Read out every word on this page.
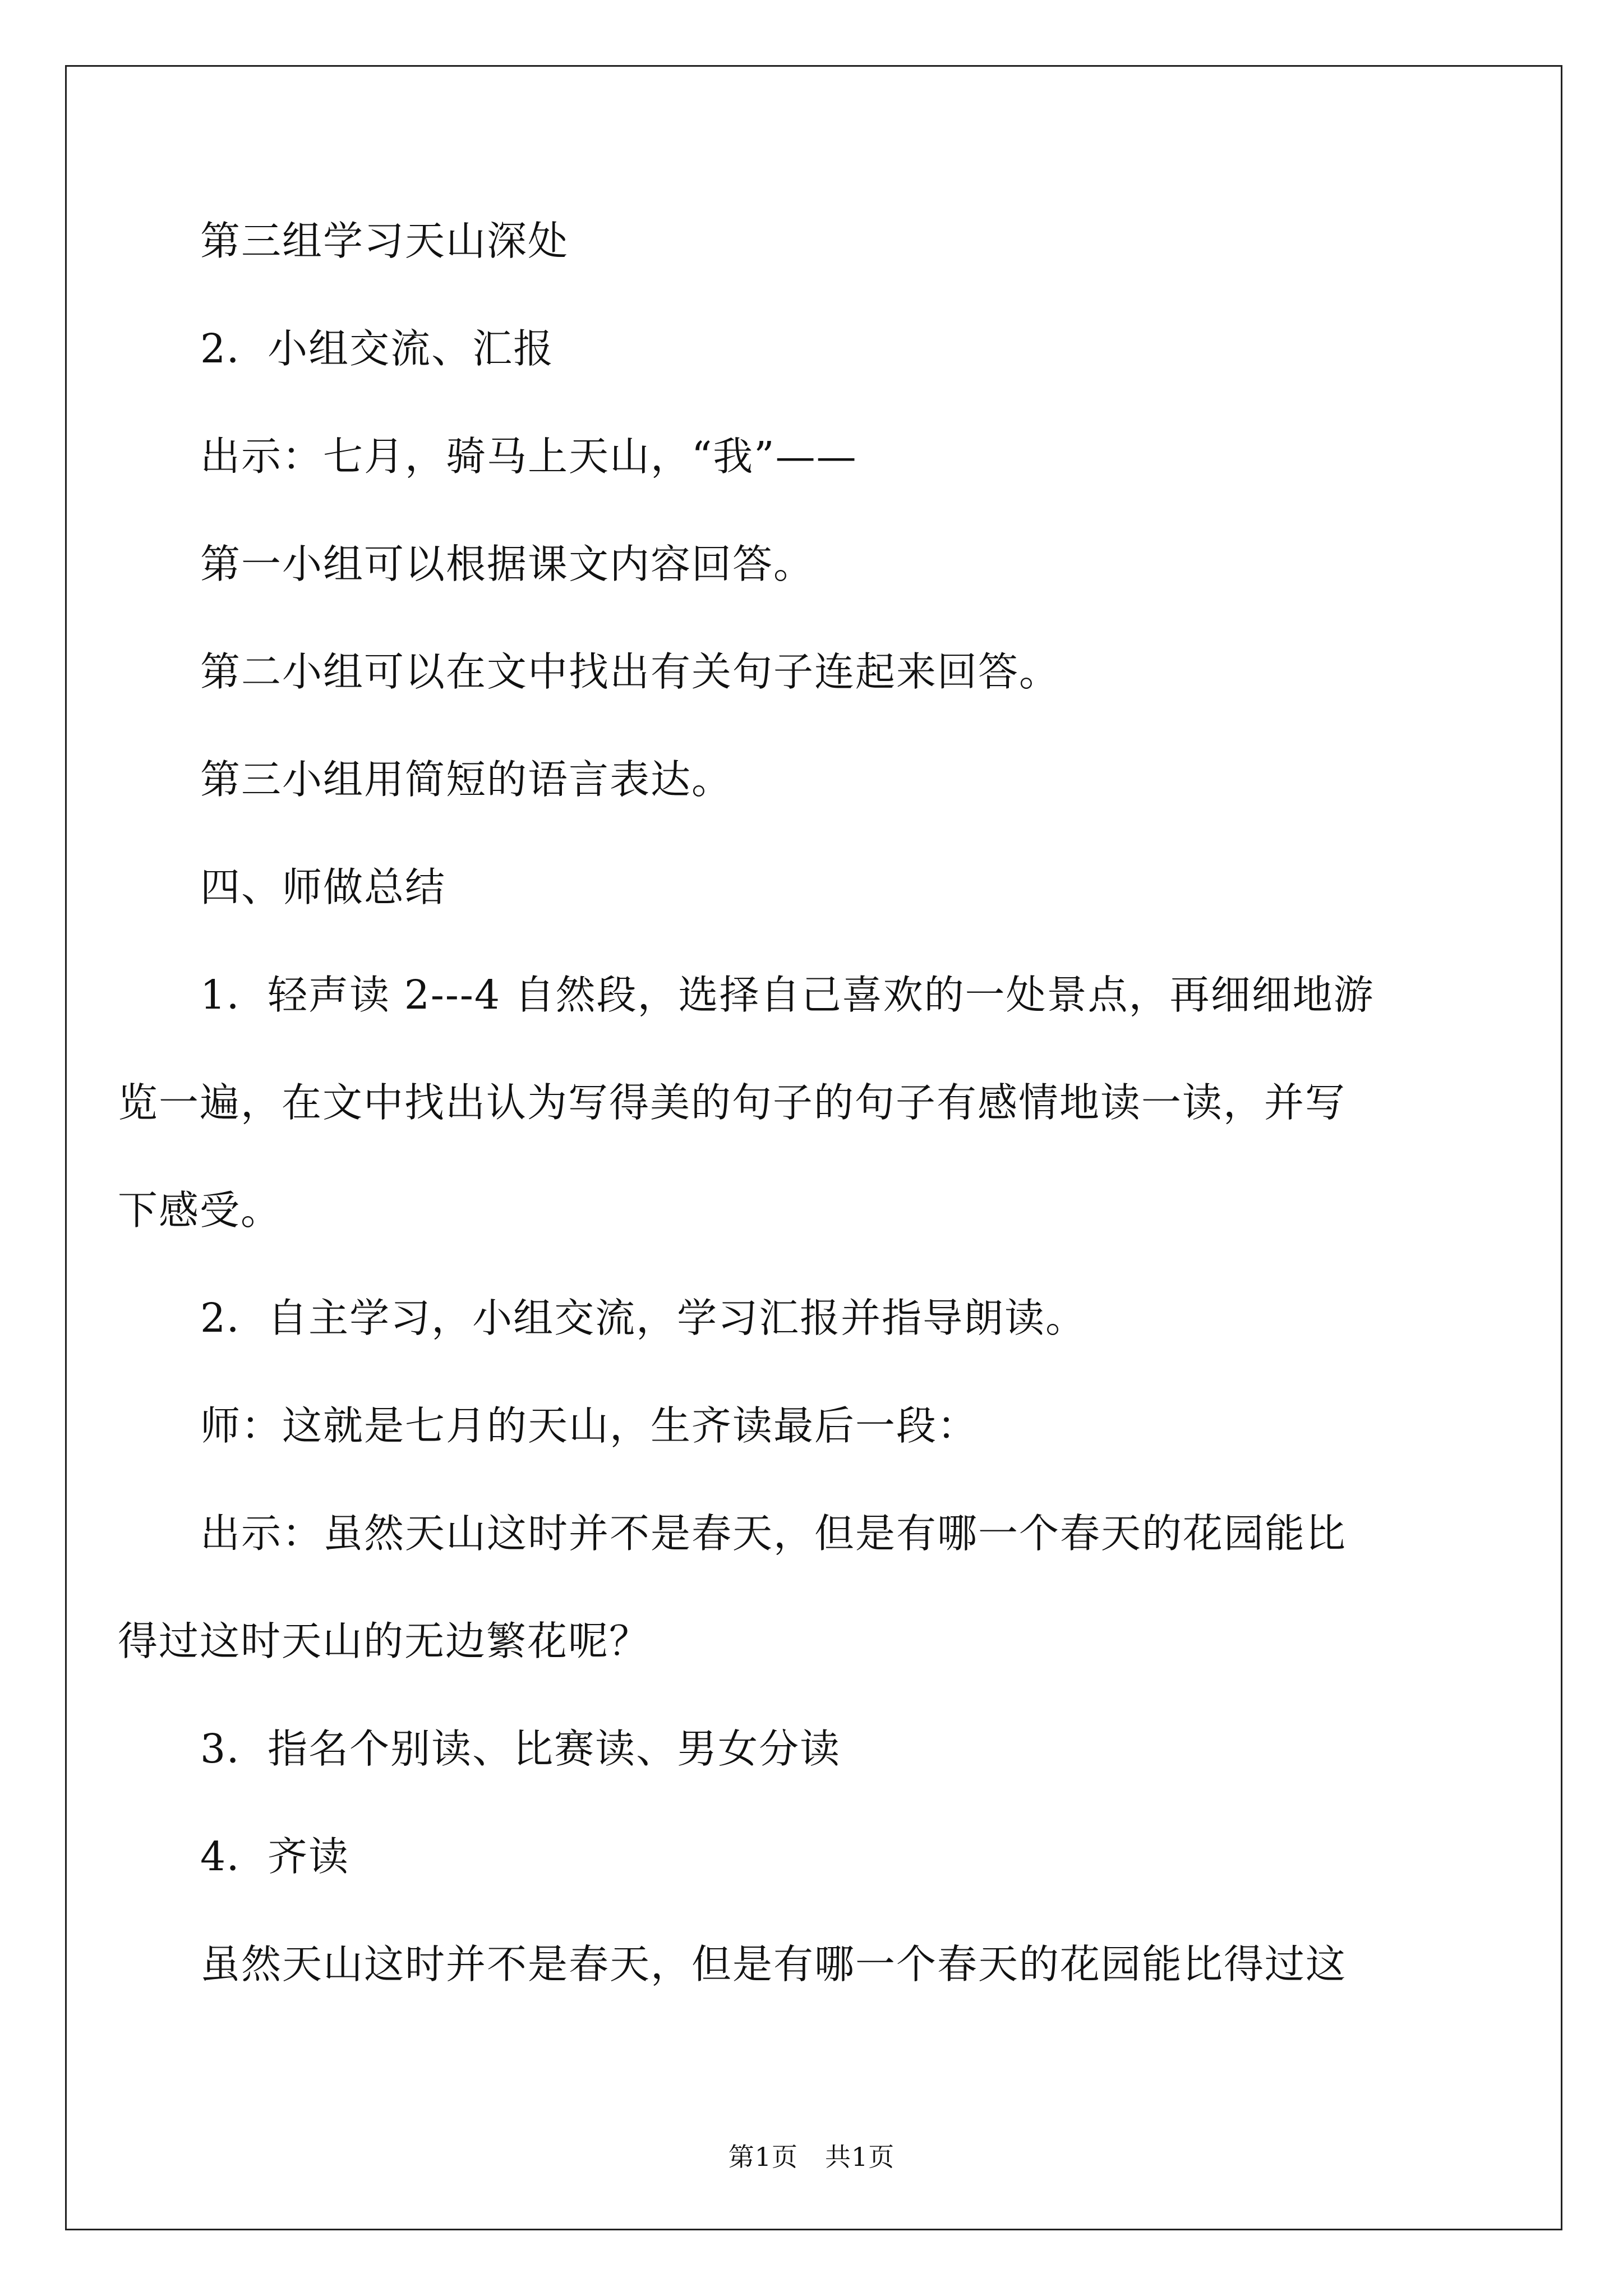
第三组学习天山深处

2．小组交流、汇报

出示：七月，骑马上天山，“我”——

第一小组可以根据课文内容回答。

第二小组可以在文中找出有关句子连起来回答。

第三小组用简短的语言表达。

四、师做总结

1．轻声读 2---4 自然段，选择自己喜欢的一处景点，再细细地游
览一遍，在文中找出认为写得美的句子的句子有感情地读一读，并写
下感受。

2．自主学习，小组交流，学习汇报并指导朗读。

师：这就是七月的天山，生齐读最后一段：

出示：虽然天山这时并不是春天，但是有哪一个春天的花园能比
得过这时天山的无边繁花呢？

3．指名个别读、比赛读、男女分读

4．齐读

虽然天山这时并不是春天，但是有哪一个春天的花园能比得过这

第1页 共1页
